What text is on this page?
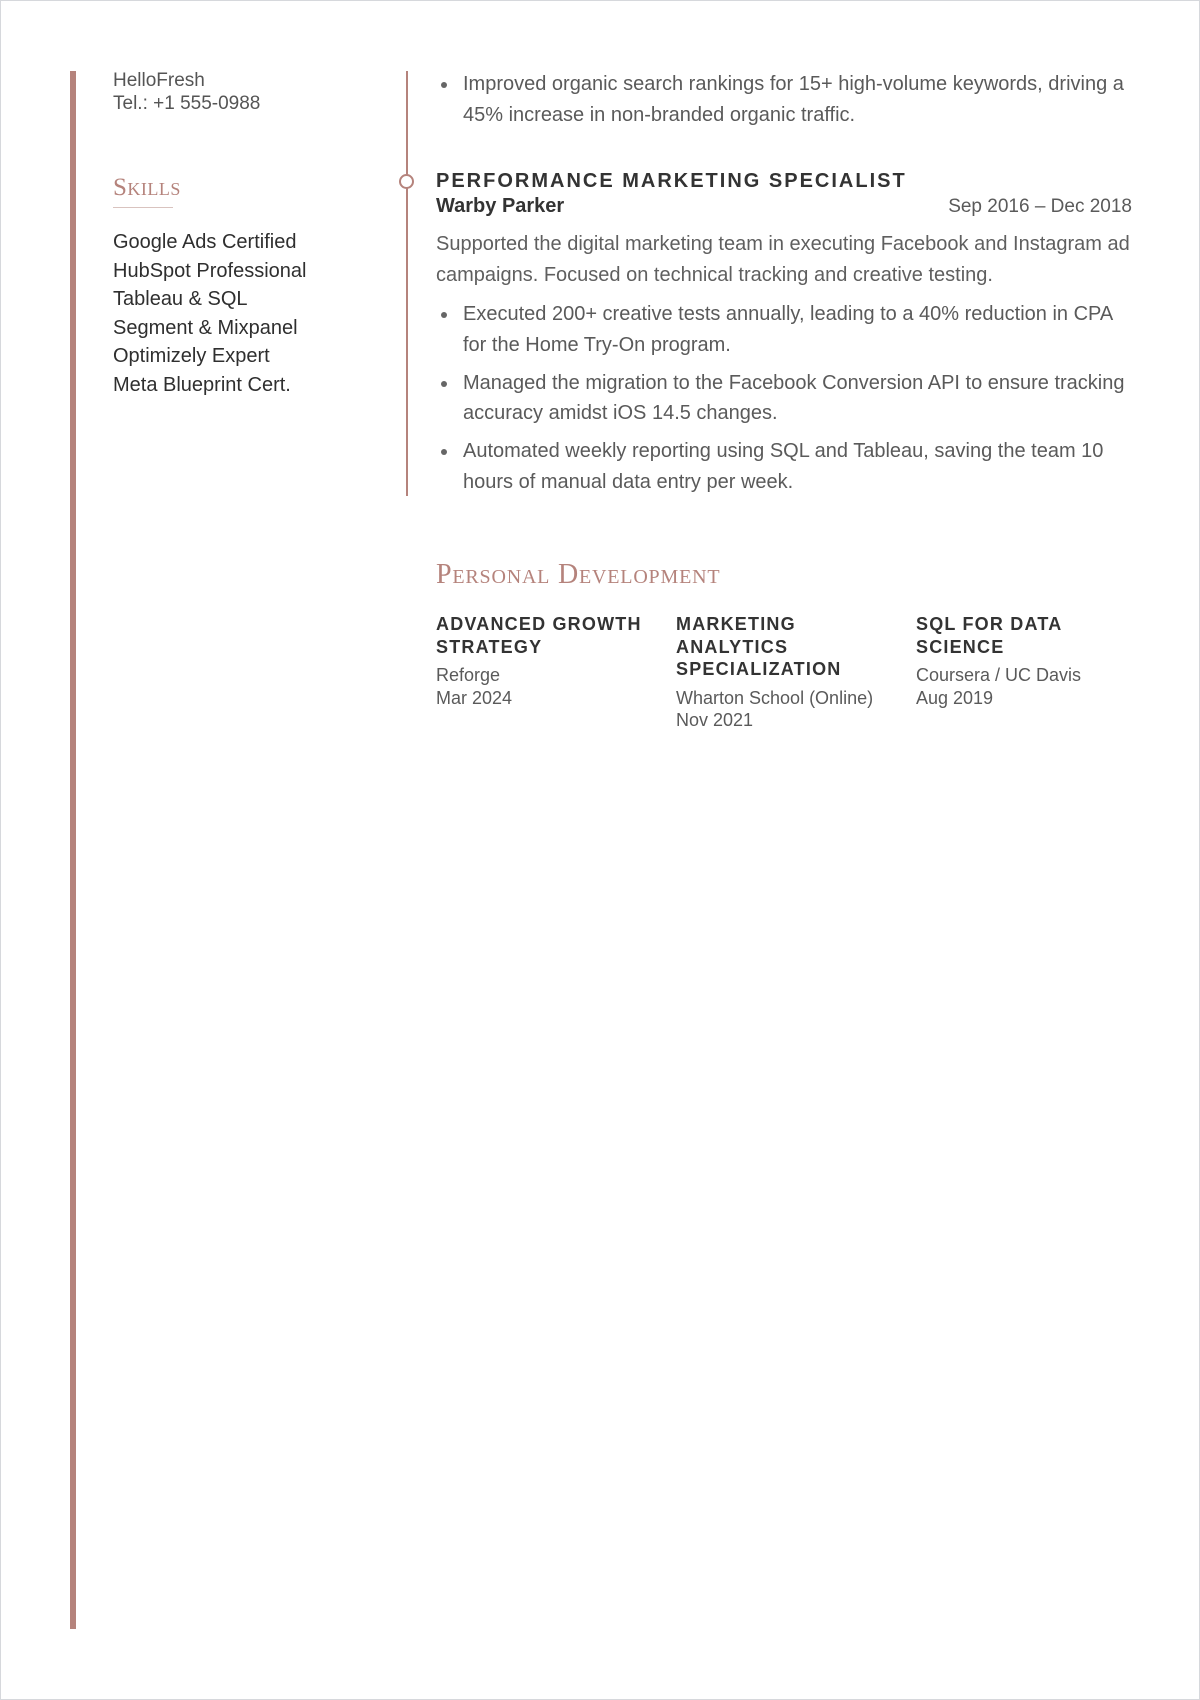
HelloFresh
Tel.: +1 555-0988
Skills
Google Ads Certified
HubSpot Professional
Tableau & SQL
Segment & Mixpanel
Optimizely Expert
Meta Blueprint Cert.
Improved organic search rankings for 15+ high-volume keywords, driving a 45% increase in non-branded organic traffic.
PERFORMANCE MARKETING SPECIALIST
Warby Parker	Sep 2016 – Dec 2018
Supported the digital marketing team in executing Facebook and Instagram ad campaigns. Focused on technical tracking and creative testing.
Executed 200+ creative tests annually, leading to a 40% reduction in CPA for the Home Try-On program.
Managed the migration to the Facebook Conversion API to ensure tracking accuracy amidst iOS 14.5 changes.
Automated weekly reporting using SQL and Tableau, saving the team 10 hours of manual data entry per week.
Personal Development
ADVANCED GROWTH STRATEGY
Reforge
Mar 2024
MARKETING ANALYTICS SPECIALIZATION
Wharton School (Online)
Nov 2021
SQL FOR DATA SCIENCE
Coursera / UC Davis
Aug 2019
